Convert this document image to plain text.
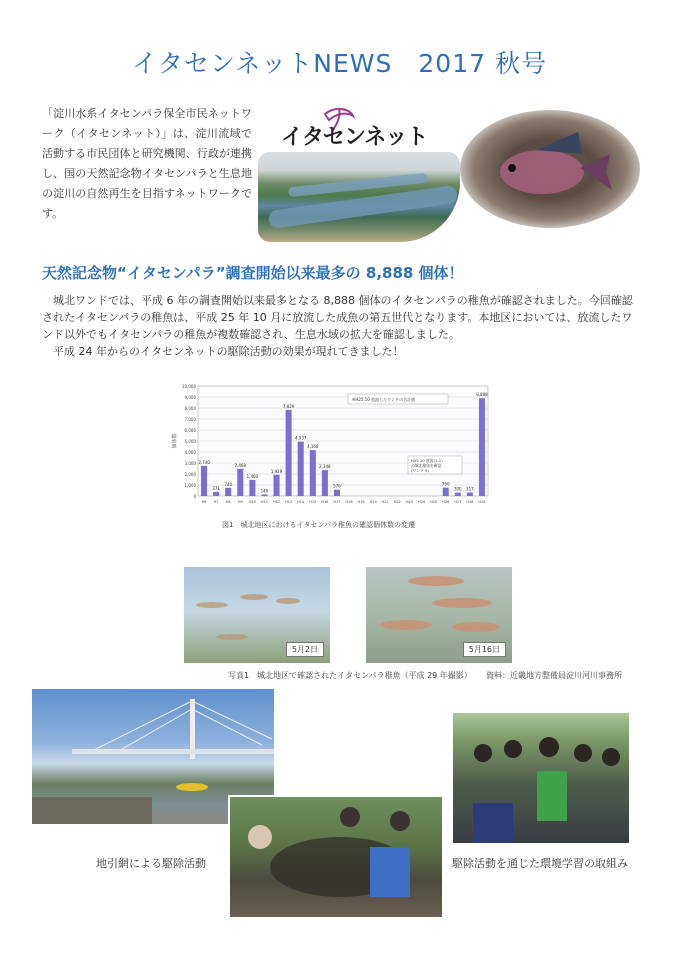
イタセンネットNEWS　2017 秋号
「淀川水系イタセンパラ保全市民ネットワーク（イタセンネット）」は、淀川流域で活動する市民団体と研究機関、行政が連携し、国の天然記念物イタセンパラと生息地の淀川の自然再生を目指すネットワークです。
イタセンネット
天然記念物“イタセンパラ”調査開始以来最多の 8,888 個体！

城北ワンドでは、平成 6 年の調査開始以来最多となる 8,888 個体のイタセンパラの稚魚が確認されました。今回確認されたイタセンパラの稚魚は、平成 25 年 10 月に放流した成魚の第五世代となります。本地区においては、放流したワンド以外でもイタセンパラの稚魚が複数確認され、生息水域の拡大を確認しました。

平成 24 年からのイタセンネットの駆除活動の効果が現れてきました！

0
1,000
2,000
3,000
4,000
5,000
6,000
7,000
8,000
9,000
10,000
2,740
H6
371
H7
740
H8
2,468
H9
1,460
H10
140
H11
1,929
H12
7,829
H13
4,937
H14
4,168
H15
2,348
H16
576
H17 H18 H19 H20 H21 H22 H23 H24 H25
760
H26
300
H27
317
H28
8,888
H29
個体数
※H25.10 放流したワンドの合計値
H25.10 放流(1-1)
の城北稚魚を確認
(ワンド 5)
図1　城北地区におけるイタセンパラ稚魚の確認個体数の変遷
5月2日	5月16日
写真1　城北地区で確認されたイタセンパラ稚魚（平成 29 年撮影）	資料：近畿地方整備局淀川河川事務所
地引網による駆除活動	駆除活動を通じた環境学習の取組み
